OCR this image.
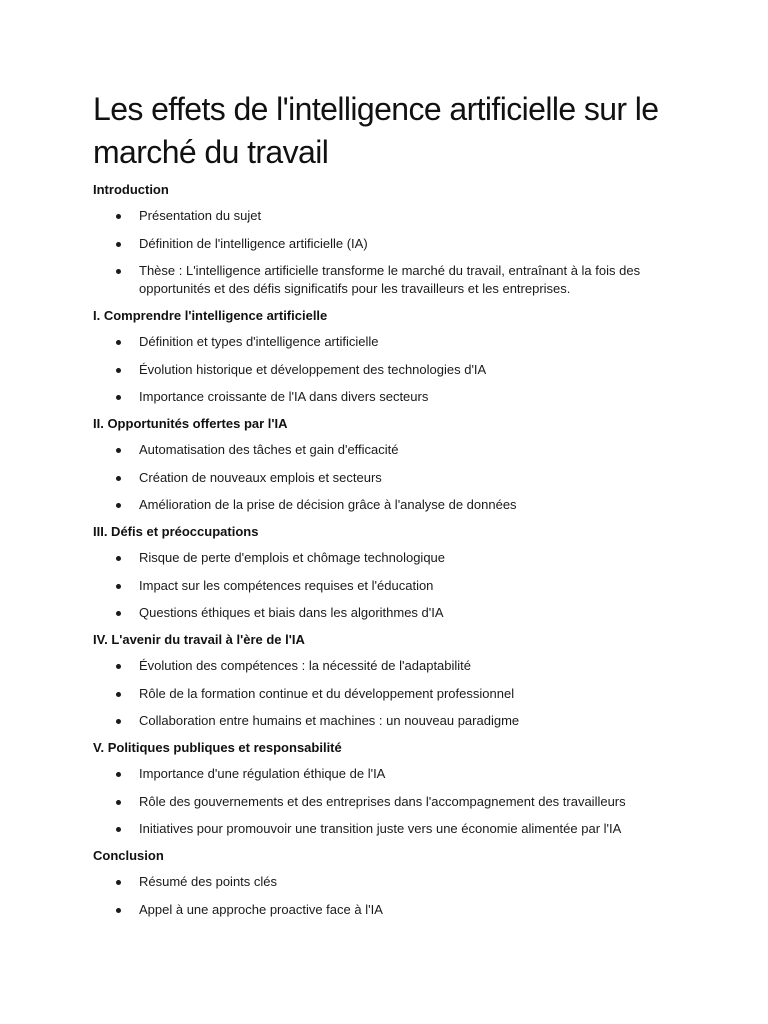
Les effets de l'intelligence artificielle sur le marché du travail
Introduction
Présentation du sujet
Définition de l'intelligence artificielle (IA)
Thèse : L'intelligence artificielle transforme le marché du travail, entraînant à la fois des opportunités et des défis significatifs pour les travailleurs et les entreprises.
I. Comprendre l'intelligence artificielle
Définition et types d'intelligence artificielle
Évolution historique et développement des technologies d'IA
Importance croissante de l'IA dans divers secteurs
II. Opportunités offertes par l'IA
Automatisation des tâches et gain d'efficacité
Création de nouveaux emplois et secteurs
Amélioration de la prise de décision grâce à l'analyse de données
III. Défis et préoccupations
Risque de perte d'emplois et chômage technologique
Impact sur les compétences requises et l'éducation
Questions éthiques et biais dans les algorithmes d'IA
IV. L'avenir du travail à l'ère de l'IA
Évolution des compétences : la nécessité de l'adaptabilité
Rôle de la formation continue et du développement professionnel
Collaboration entre humains et machines : un nouveau paradigme
V. Politiques publiques et responsabilité
Importance d'une régulation éthique de l'IA
Rôle des gouvernements et des entreprises dans l'accompagnement des travailleurs
Initiatives pour promouvoir une transition juste vers une économie alimentée par l'IA
Conclusion
Résumé des points clés
Appel à une approche proactive face à l'IA
